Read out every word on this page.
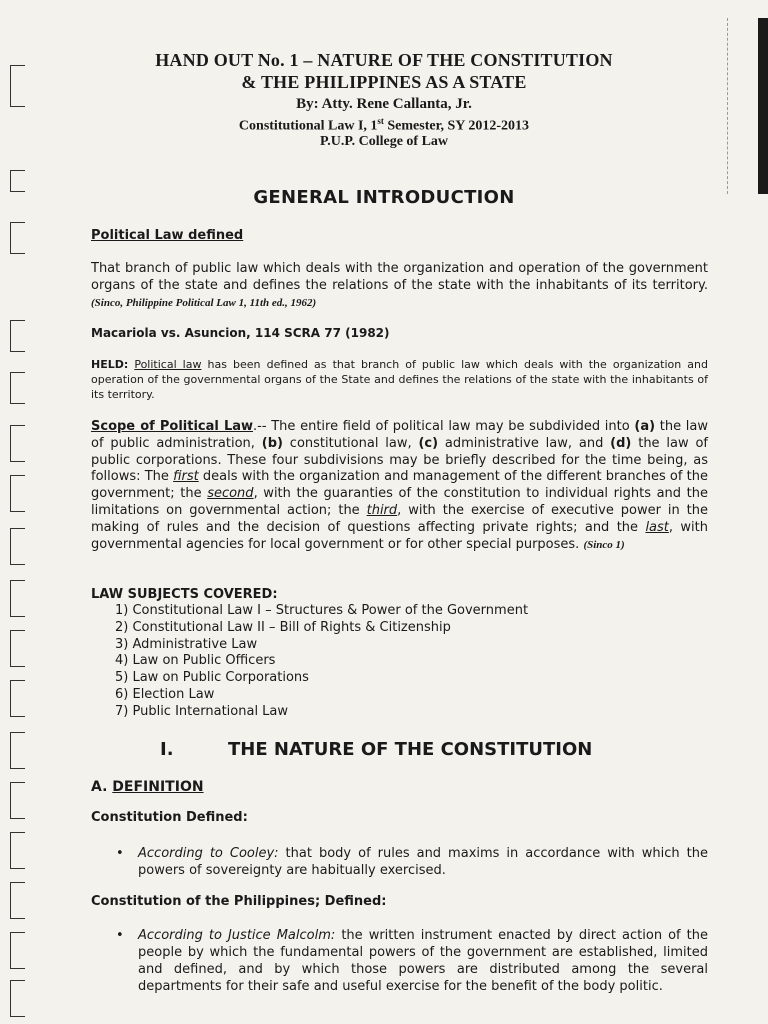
HAND OUT No. 1 – NATURE OF THE CONSTITUTION
& THE PHILIPPINES AS A STATE
By: Atty. Rene Callanta, Jr.
Constitutional Law I, 1st Semester, SY 2012-2013
P.U.P. College of Law
GENERAL INTRODUCTION
Political Law defined
That branch of public law which deals with the organization and operation of the government organs of the state and defines the relations of the state with the inhabitants of its territory. (Sinco, Philippine Political Law 1, 11th ed., 1962)
Macariola vs. Asuncion, 114 SCRA 77 (1982)
HELD: Political law has been defined as that branch of public law which deals with the organization and operation of the governmental organs of the State and defines the relations of the state with the inhabitants of its territory.
Scope of Political Law.-- The entire field of political law may be subdivided into (a) the law of public administration, (b) constitutional law, (c) administrative law, and (d) the law of public corporations. These four subdivisions may be briefly described for the time being, as follows: The first deals with the organization and management of the different branches of the government; the second, with the guaranties of the constitution to individual rights and the limitations on governmental action; the third, with the exercise of executive power in the making of rules and the decision of questions affecting private rights; and the last, with governmental agencies for local government or for other special purposes. (Sinco 1)
LAW SUBJECTS COVERED:
1) Constitutional Law I – Structures & Power of the Government
2) Constitutional Law II – Bill of Rights & Citizenship
3) Administrative Law
4) Law on Public Officers
5) Law on Public Corporations
6) Election Law
7) Public International Law
I.	THE NATURE OF THE CONSTITUTION
A. DEFINITION
Constitution Defined:
• According to Cooley: that body of rules and maxims in accordance with which the powers of sovereignty are habitually exercised.
Constitution of the Philippines; Defined:
• According to Justice Malcolm: the written instrument enacted by direct action of the people by which the fundamental powers of the government are established, limited and defined, and by which those powers are distributed among the several departments for their safe and useful exercise for the benefit of the body politic.
